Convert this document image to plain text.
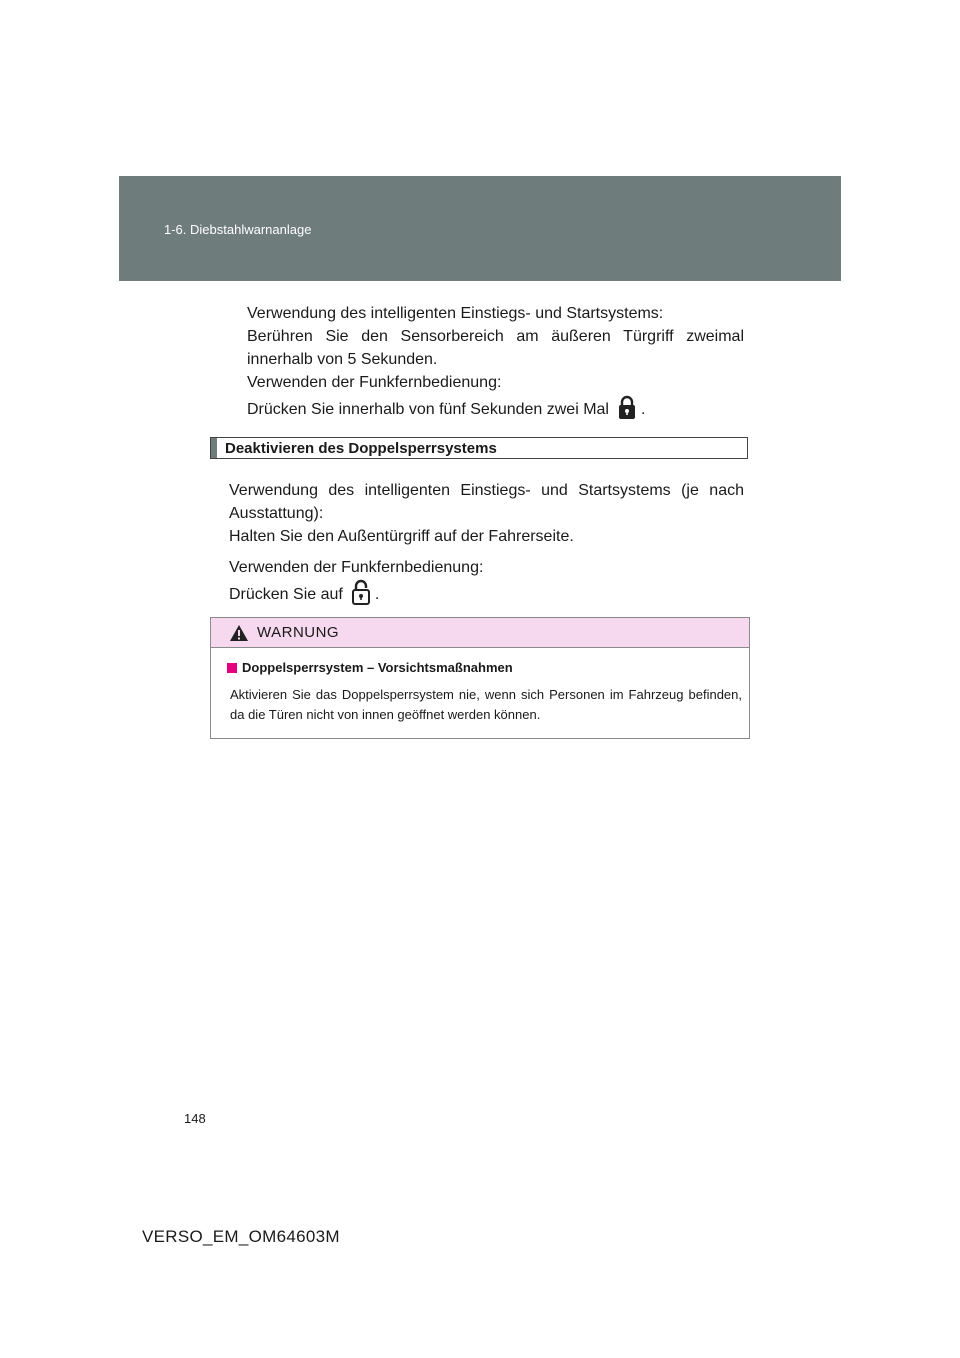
1-6. Diebstahlwarnanlage
Verwendung des intelligenten Einstiegs- und Startsystems:
Berühren Sie den Sensorbereich am äußeren Türgriff zweimal
innerhalb von 5 Sekunden.
Verwenden der Funkfernbedienung:
Drücken Sie innerhalb von fünf Sekunden zwei Mal .
Deaktivieren des Doppelsperrsystems
Verwendung des intelligenten Einstiegs- und Startsystems (je nach
Ausstattung):
Halten Sie den Außentürgriff auf der Fahrerseite.
Verwenden der Funkfernbedienung:
Drücken Sie auf .
WARNUNG
Doppelsperrsystem – Vorsichtsmaßnahmen
Aktivieren Sie das Doppelsperrsystem nie, wenn sich Personen im Fahrzeug befinden, da die Türen nicht von innen geöffnet werden können.
148
VERSO_EM_OM64603M
